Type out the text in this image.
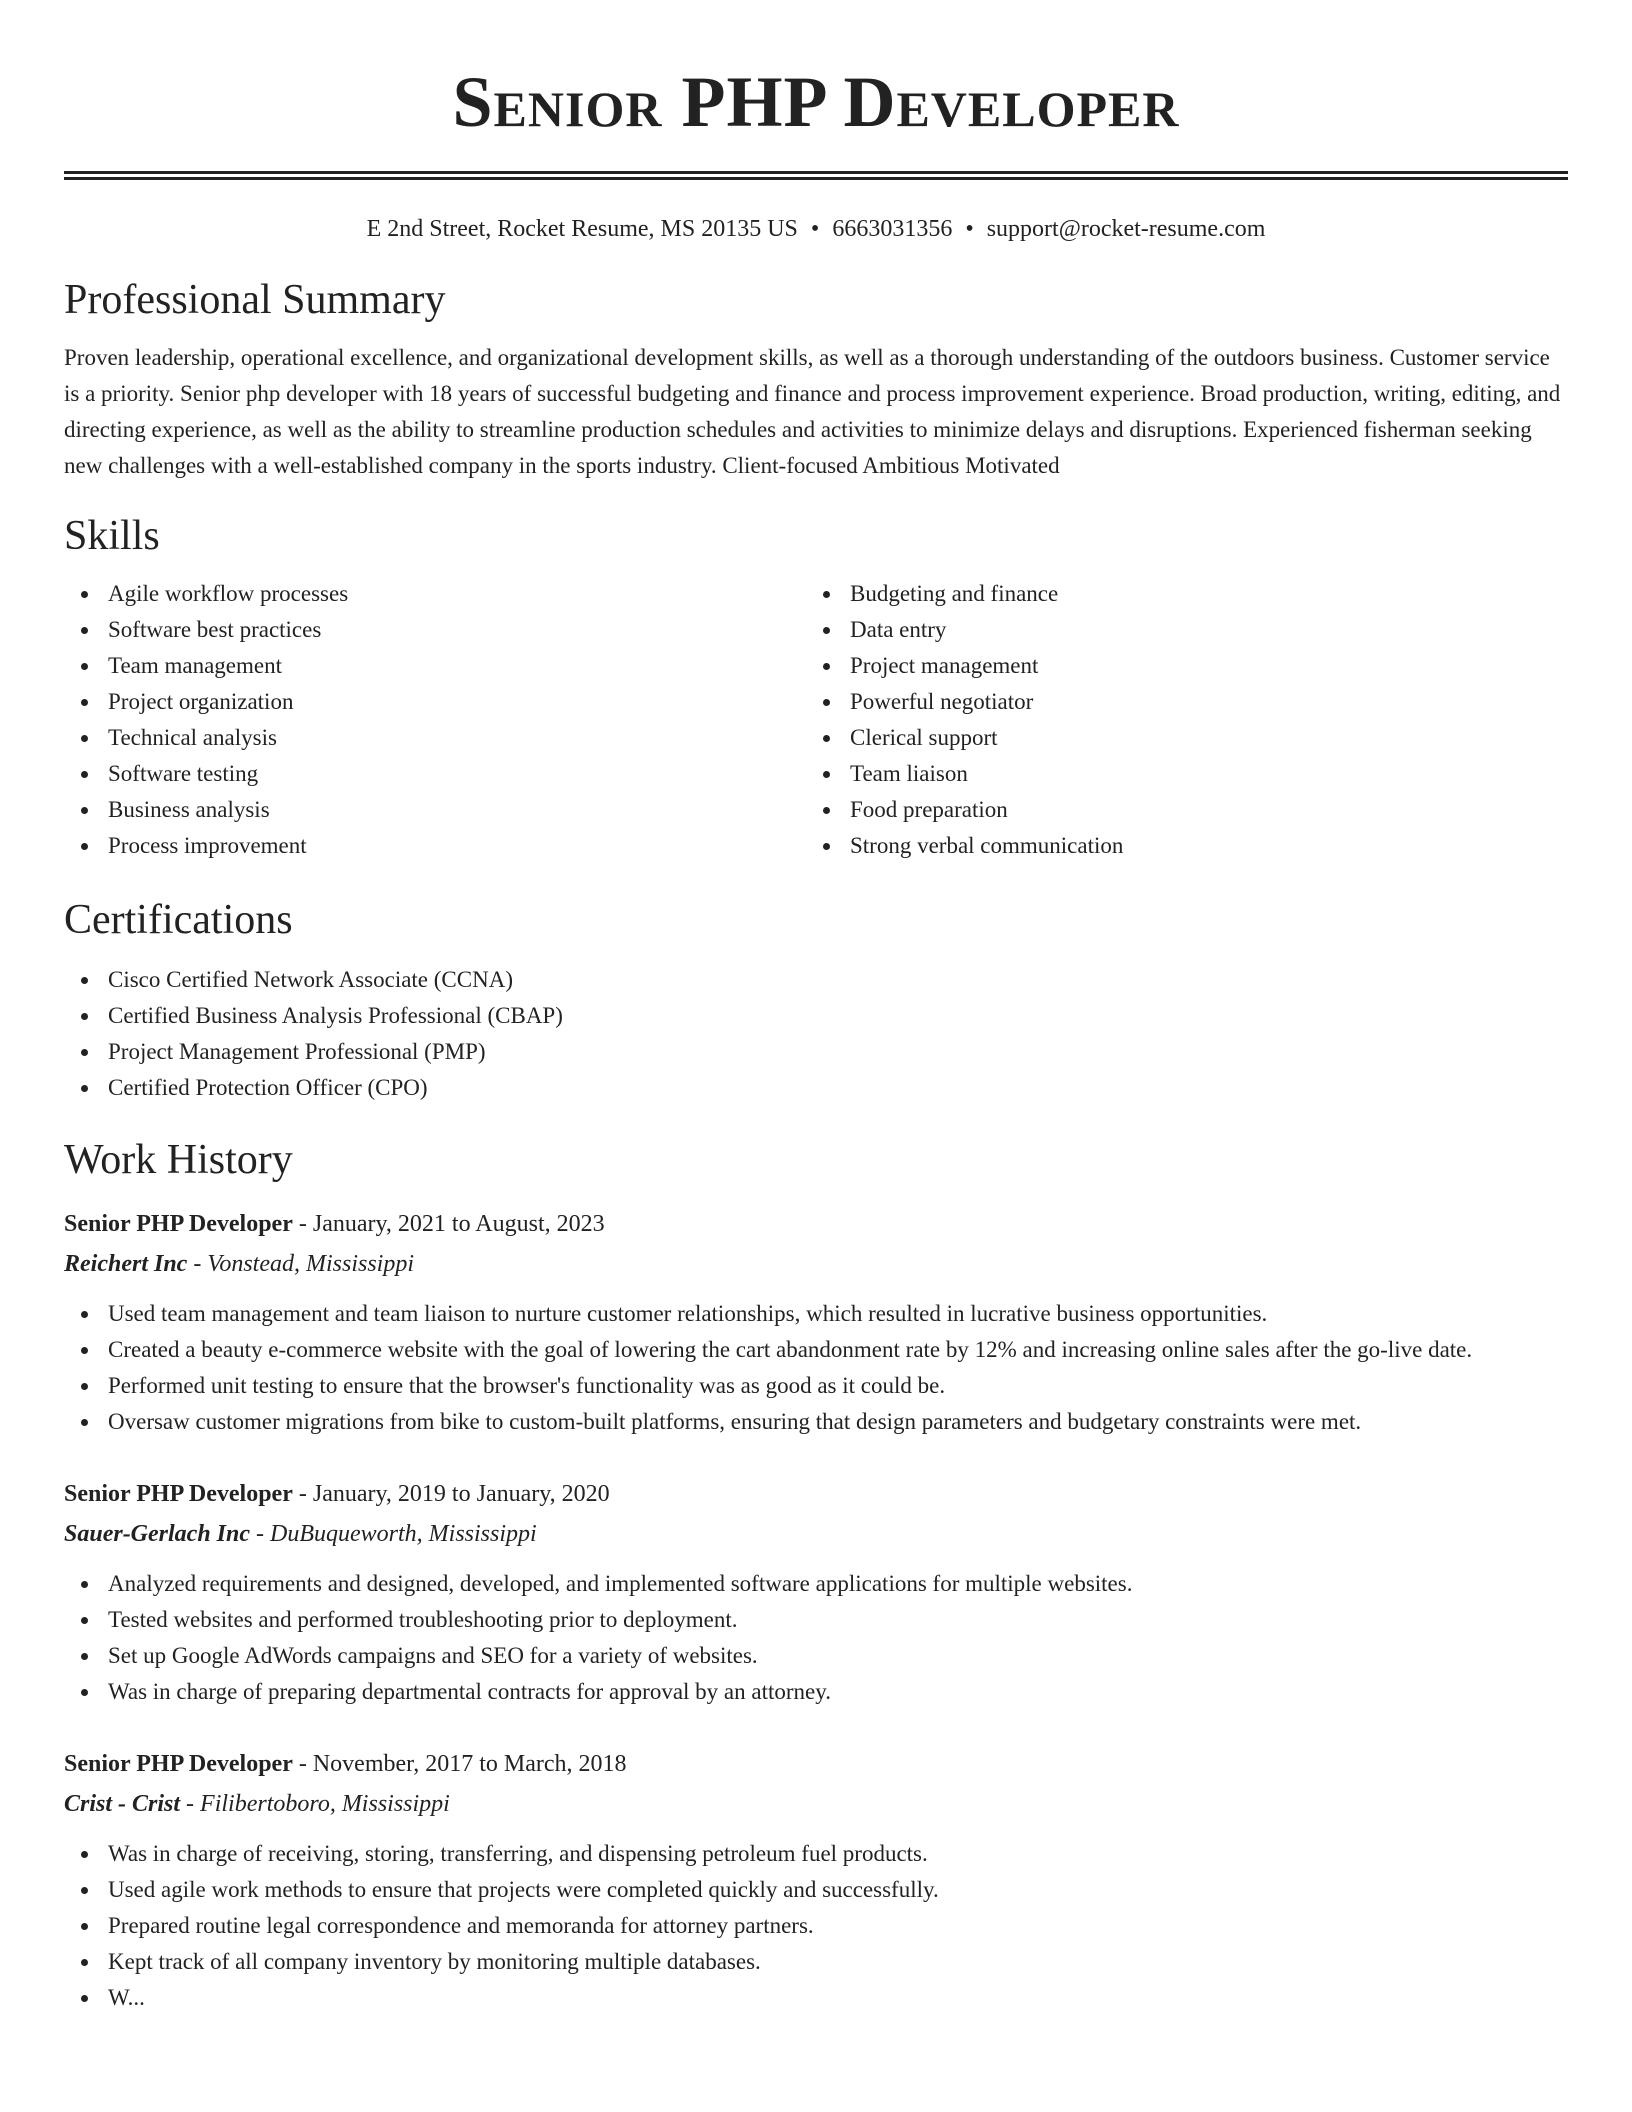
Senior PHP Developer
E 2nd Street, Rocket Resume, MS 20135 US • 6663031356 • support@rocket-resume.com
Professional Summary

Proven leadership, operational excellence, and organizational development skills, as well as a thorough understanding of the outdoors business. Customer service is a priority. Senior php developer with 18 years of successful budgeting and finance and process improvement experience. Broad production, writing, editing, and directing experience, as well as the ability to streamline production schedules and activities to minimize delays and disruptions. Experienced fisherman seeking new challenges with a well-established company in the sports industry. Client-focused Ambitious Motivated

Skills
Agile workflow processes
Software best practices
Team management
Project organization
Technical analysis
Software testing
Business analysis
Process improvement
Budgeting and finance
Data entry
Project management
Powerful negotiator
Clerical support
Team liaison
Food preparation
Strong verbal communication
Certifications
Cisco Certified Network Associate (CCNA)
Certified Business Analysis Professional (CBAP)
Project Management Professional (PMP)
Certified Protection Officer (CPO)
Work History
Senior PHP Developer - January, 2021 to August, 2023
Reichert Inc - Vonstead, Mississippi
Used team management and team liaison to nurture customer relationships, which resulted in lucrative business opportunities.
Created a beauty e-commerce website with the goal of lowering the cart abandonment rate by 12% and increasing online sales after the go-live date.
Performed unit testing to ensure that the browser's functionality was as good as it could be.
Oversaw customer migrations from bike to custom-built platforms, ensuring that design parameters and budgetary constraints were met.
Senior PHP Developer - January, 2019 to January, 2020
Sauer-Gerlach Inc - DuBuqueworth, Mississippi
Analyzed requirements and designed, developed, and implemented software applications for multiple websites.
Tested websites and performed troubleshooting prior to deployment.
Set up Google AdWords campaigns and SEO for a variety of websites.
Was in charge of preparing departmental contracts for approval by an attorney.
Senior PHP Developer - November, 2017 to March, 2018
Crist - Crist - Filibertoboro, Mississippi
Was in charge of receiving, storing, transferring, and dispensing petroleum fuel products.
Used agile work methods to ensure that projects were completed quickly and successfully.
Prepared routine legal correspondence and memoranda for attorney partners.
Kept track of all company inventory by monitoring multiple databases.
W...
